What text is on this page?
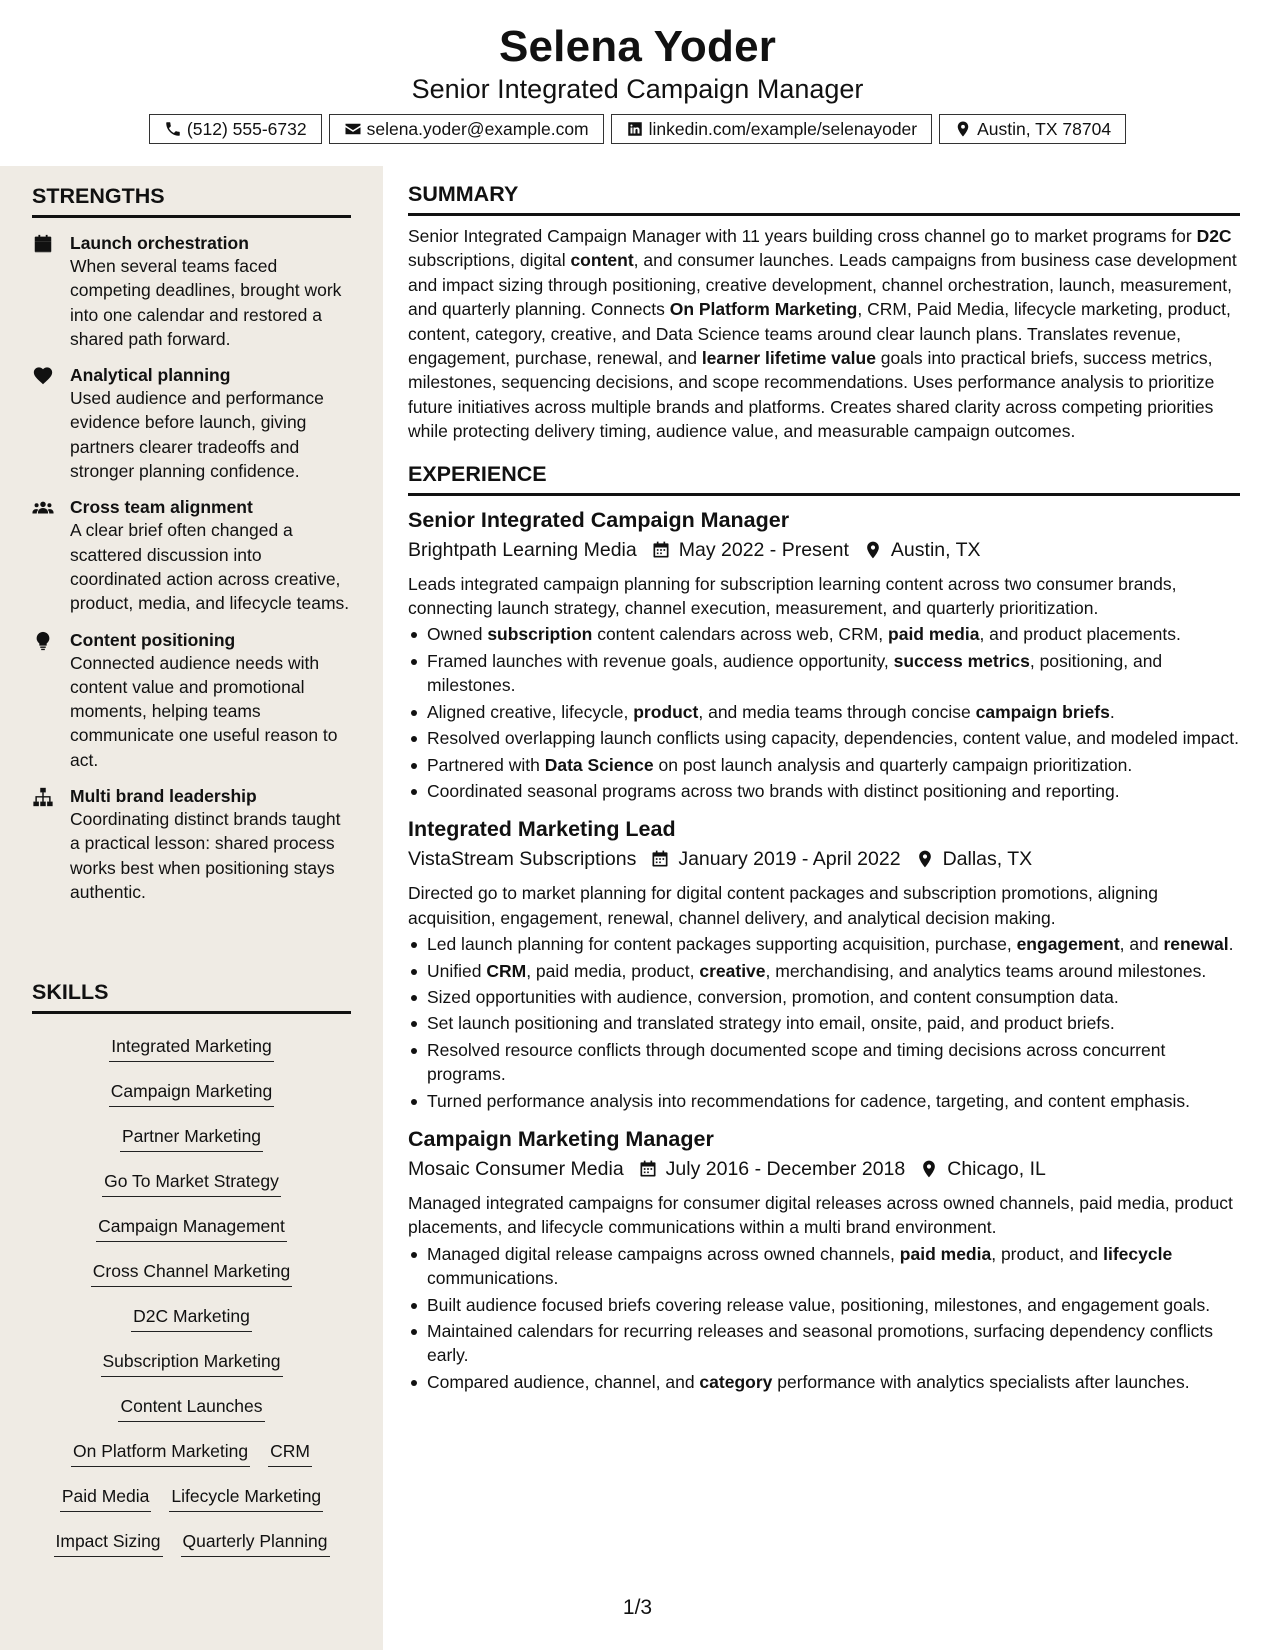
Selena Yoder
Senior Integrated Campaign Manager
(512) 555-6732	selena.yoder@example.com	linkedin.com/example/selenayoder	Austin, TX 78704
STRENGTHS
Launch orchestration
When several teams faced competing deadlines, brought work into one calendar and restored a shared path forward.
Analytical planning
Used audience and performance evidence before launch, giving partners clearer tradeoffs and stronger planning confidence.
Cross team alignment
A clear brief often changed a scattered discussion into coordinated action across creative, product, media, and lifecycle teams.
Content positioning
Connected audience needs with content value and promotional moments, helping teams communicate one useful reason to act.
Multi brand leadership
Coordinating distinct brands taught a practical lesson: shared process works best when positioning stays authentic.
SKILLS
Integrated Marketing
Campaign Marketing
Partner Marketing
Go To Market Strategy
Campaign Management
Cross Channel Marketing
D2C Marketing
Subscription Marketing
Content Launches
On Platform Marketing CRM
Paid Media Lifecycle Marketing
Impact Sizing Quarterly Planning
SUMMARY
Senior Integrated Campaign Manager with 11 years building cross channel go to market programs for D2C subscriptions, digital content, and consumer launches. Leads campaigns from business case development and impact sizing through positioning, creative development, channel orchestration, launch, measurement, and quarterly planning. Connects On Platform Marketing, CRM, Paid Media, lifecycle marketing, product, content, category, creative, and Data Science teams around clear launch plans. Translates revenue, engagement, purchase, renewal, and learner lifetime value goals into practical briefs, success metrics, milestones, sequencing decisions, and scope recommendations. Uses performance analysis to prioritize future initiatives across multiple brands and platforms. Creates shared clarity across competing priorities while protecting delivery timing, audience value, and measurable campaign outcomes.
EXPERIENCE
Senior Integrated Campaign Manager
Brightpath Learning Media May 2022 - Present Austin, TX
Leads integrated campaign planning for subscription learning content across two consumer brands, connecting launch strategy, channel execution, measurement, and quarterly prioritization.
Owned subscription content calendars across web, CRM, paid media, and product placements.
Framed launches with revenue goals, audience opportunity, success metrics, positioning, and milestones.
Aligned creative, lifecycle, product, and media teams through concise campaign briefs.
Resolved overlapping launch conflicts using capacity, dependencies, content value, and modeled impact.
Partnered with Data Science on post launch analysis and quarterly campaign prioritization.
Coordinated seasonal programs across two brands with distinct positioning and reporting.
Integrated Marketing Lead
VistaStream Subscriptions January 2019 - April 2022 Dallas, TX
Directed go to market planning for digital content packages and subscription promotions, aligning acquisition, engagement, renewal, channel delivery, and analytical decision making.
Led launch planning for content packages supporting acquisition, purchase, engagement, and renewal.
Unified CRM, paid media, product, creative, merchandising, and analytics teams around milestones.
Sized opportunities with audience, conversion, promotion, and content consumption data.
Set launch positioning and translated strategy into email, onsite, paid, and product briefs.
Resolved resource conflicts through documented scope and timing decisions across concurrent programs.
Turned performance analysis into recommendations for cadence, targeting, and content emphasis.
Campaign Marketing Manager
Mosaic Consumer Media July 2016 - December 2018 Chicago, IL
Managed integrated campaigns for consumer digital releases across owned channels, paid media, product placements, and lifecycle communications within a multi brand environment.
Managed digital release campaigns across owned channels, paid media, product, and lifecycle communications.
Built audience focused briefs covering release value, positioning, milestones, and engagement goals.
Maintained calendars for recurring releases and seasonal promotions, surfacing dependency conflicts early.
Compared audience, channel, and category performance with analytics specialists after launches.
1/3
